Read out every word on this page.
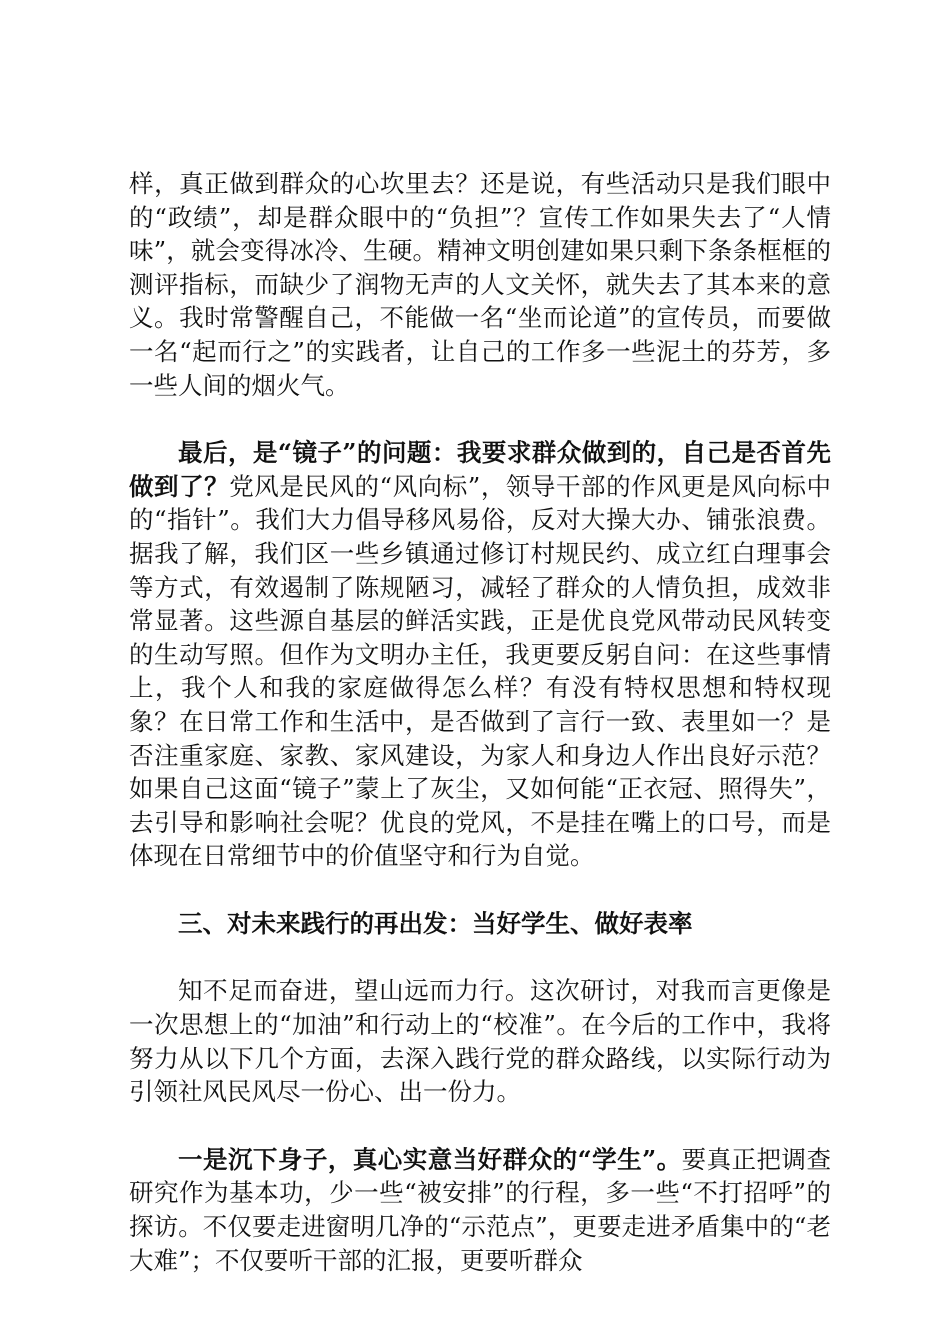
样，真正做到群众的心坎里去？还是说，有些活动只是我们眼中的“政绩”，却是群众眼中的“负担”？宣传工作如果失去了“人情味”，就会变得冰冷、生硬。精神文明创建如果只剩下条条框框的测评指标，而缺少了润物无声的人文关怀，就失去了其本来的意义。我时常警醒自己，不能做一名“坐而论道”的宣传员，而要做一名“起而行之”的实践者，让自己的工作多一些泥土的芬芳，多一些人间的烟火气。

最后，是“镜子”的问题：我要求群众做到的，自己是否首先做到了？党风是民风的“风向标”，领导干部的作风更是风向标中的“指针”。我们大力倡导移风易俗，反对大操大办、铺张浪费。据我了解，我们区一些乡镇通过修订村规民约、成立红白理事会等方式，有效遏制了陈规陋习，减轻了群众的人情负担，成效非常显著。这些源自基层的鲜活实践，正是优良党风带动民风转变的生动写照。但作为文明办主任，我更要反躬自问：在这些事情上，我个人和我的家庭做得怎么样？有没有特权思想和特权现象？在日常工作和生活中，是否做到了言行一致、表里如一？是否注重家庭、家教、家风建设，为家人和身边人作出良好示范？如果自己这面“镜子”蒙上了灰尘，又如何能“正衣冠、照得失”，去引导和影响社会呢？优良的党风，不是挂在嘴上的口号，而是体现在日常细节中的价值坚守和行为自觉。

三、对未来践行的再出发：当好学生、做好表率

知不足而奋进，望山远而力行。这次研讨，对我而言更像是一次思想上的“加油”和行动上的“校准”。在今后的工作中，我将努力从以下几个方面，去深入践行党的群众路线，以实际行动为引领社风民风尽一份心、出一份力。

一是沉下身子，真心实意当好群众的“学生”。要真正把调查研究作为基本功，少一些“被安排”的行程，多一些“不打招呼”的探访。不仅要走进窗明几净的“示范点”，更要走进矛盾集中的“老大难”；不仅要听干部的汇报，更要听群众
